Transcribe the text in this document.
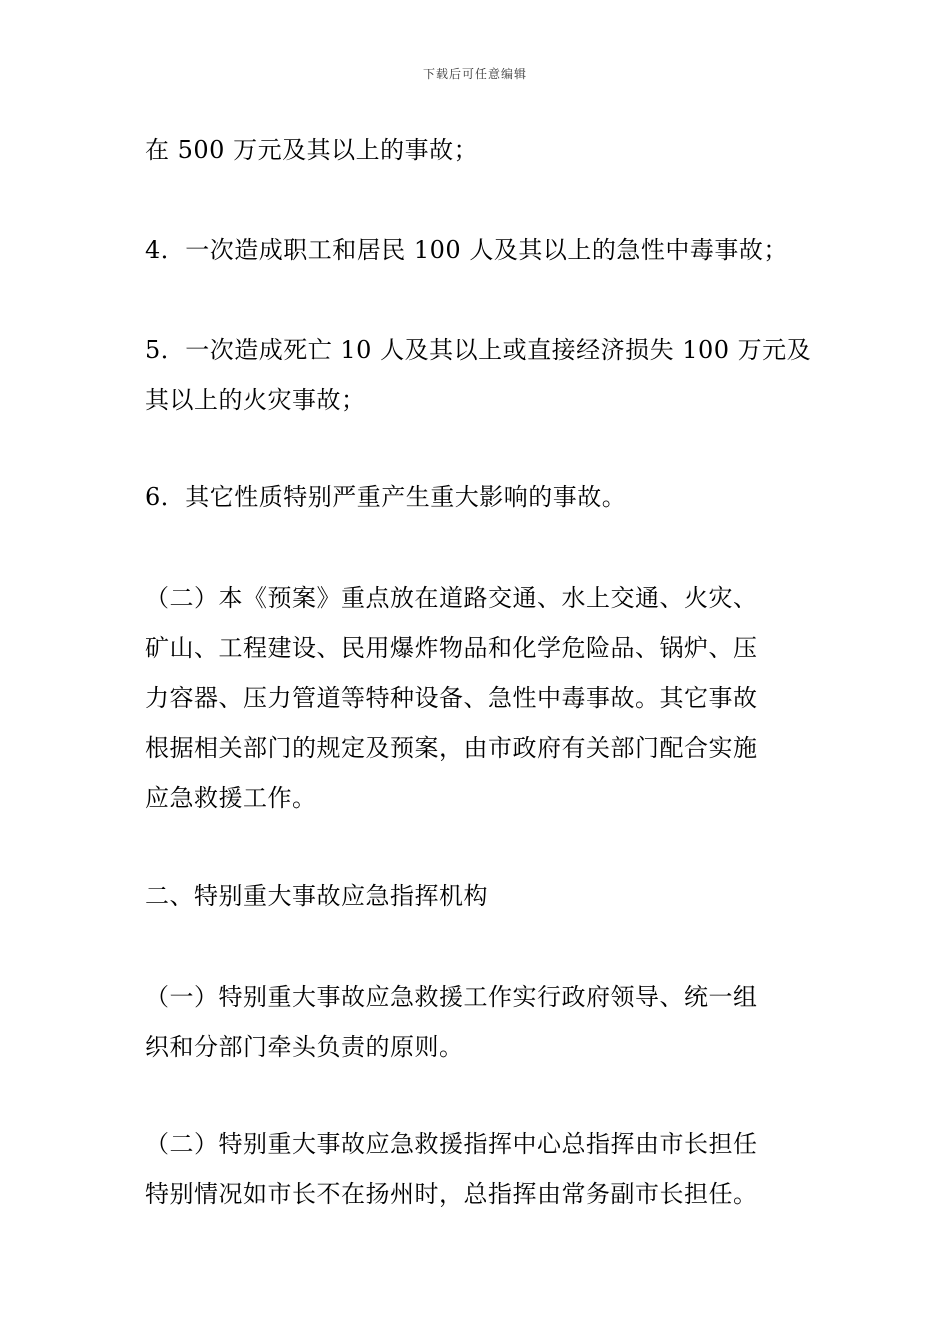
下载后可任意编辑
在 500 万元及其以上的事故；
4．一次造成职工和居民 100 人及其以上的急性中毒事故；
5．一次造成死亡 10 人及其以上或直接经济损失 100 万元及
其以上的火灾事故；
6．其它性质特别严重产生重大影响的事故。
（二）本《预案》重点放在道路交通、水上交通、火灾、
矿山、工程建设、民用爆炸物品和化学危险品、锅炉、压
力容器、压力管道等特种设备、急性中毒事故。其它事故
根据相关部门的规定及预案，由市政府有关部门配合实施
应急救援工作。
二、特别重大事故应急指挥机构
（一）特别重大事故应急救援工作实行政府领导、统一组
织和分部门牵头负责的原则。
（二）特别重大事故应急救援指挥中心总指挥由市长担任
特别情况如市长不在扬州时，总指挥由常务副市长担任。
